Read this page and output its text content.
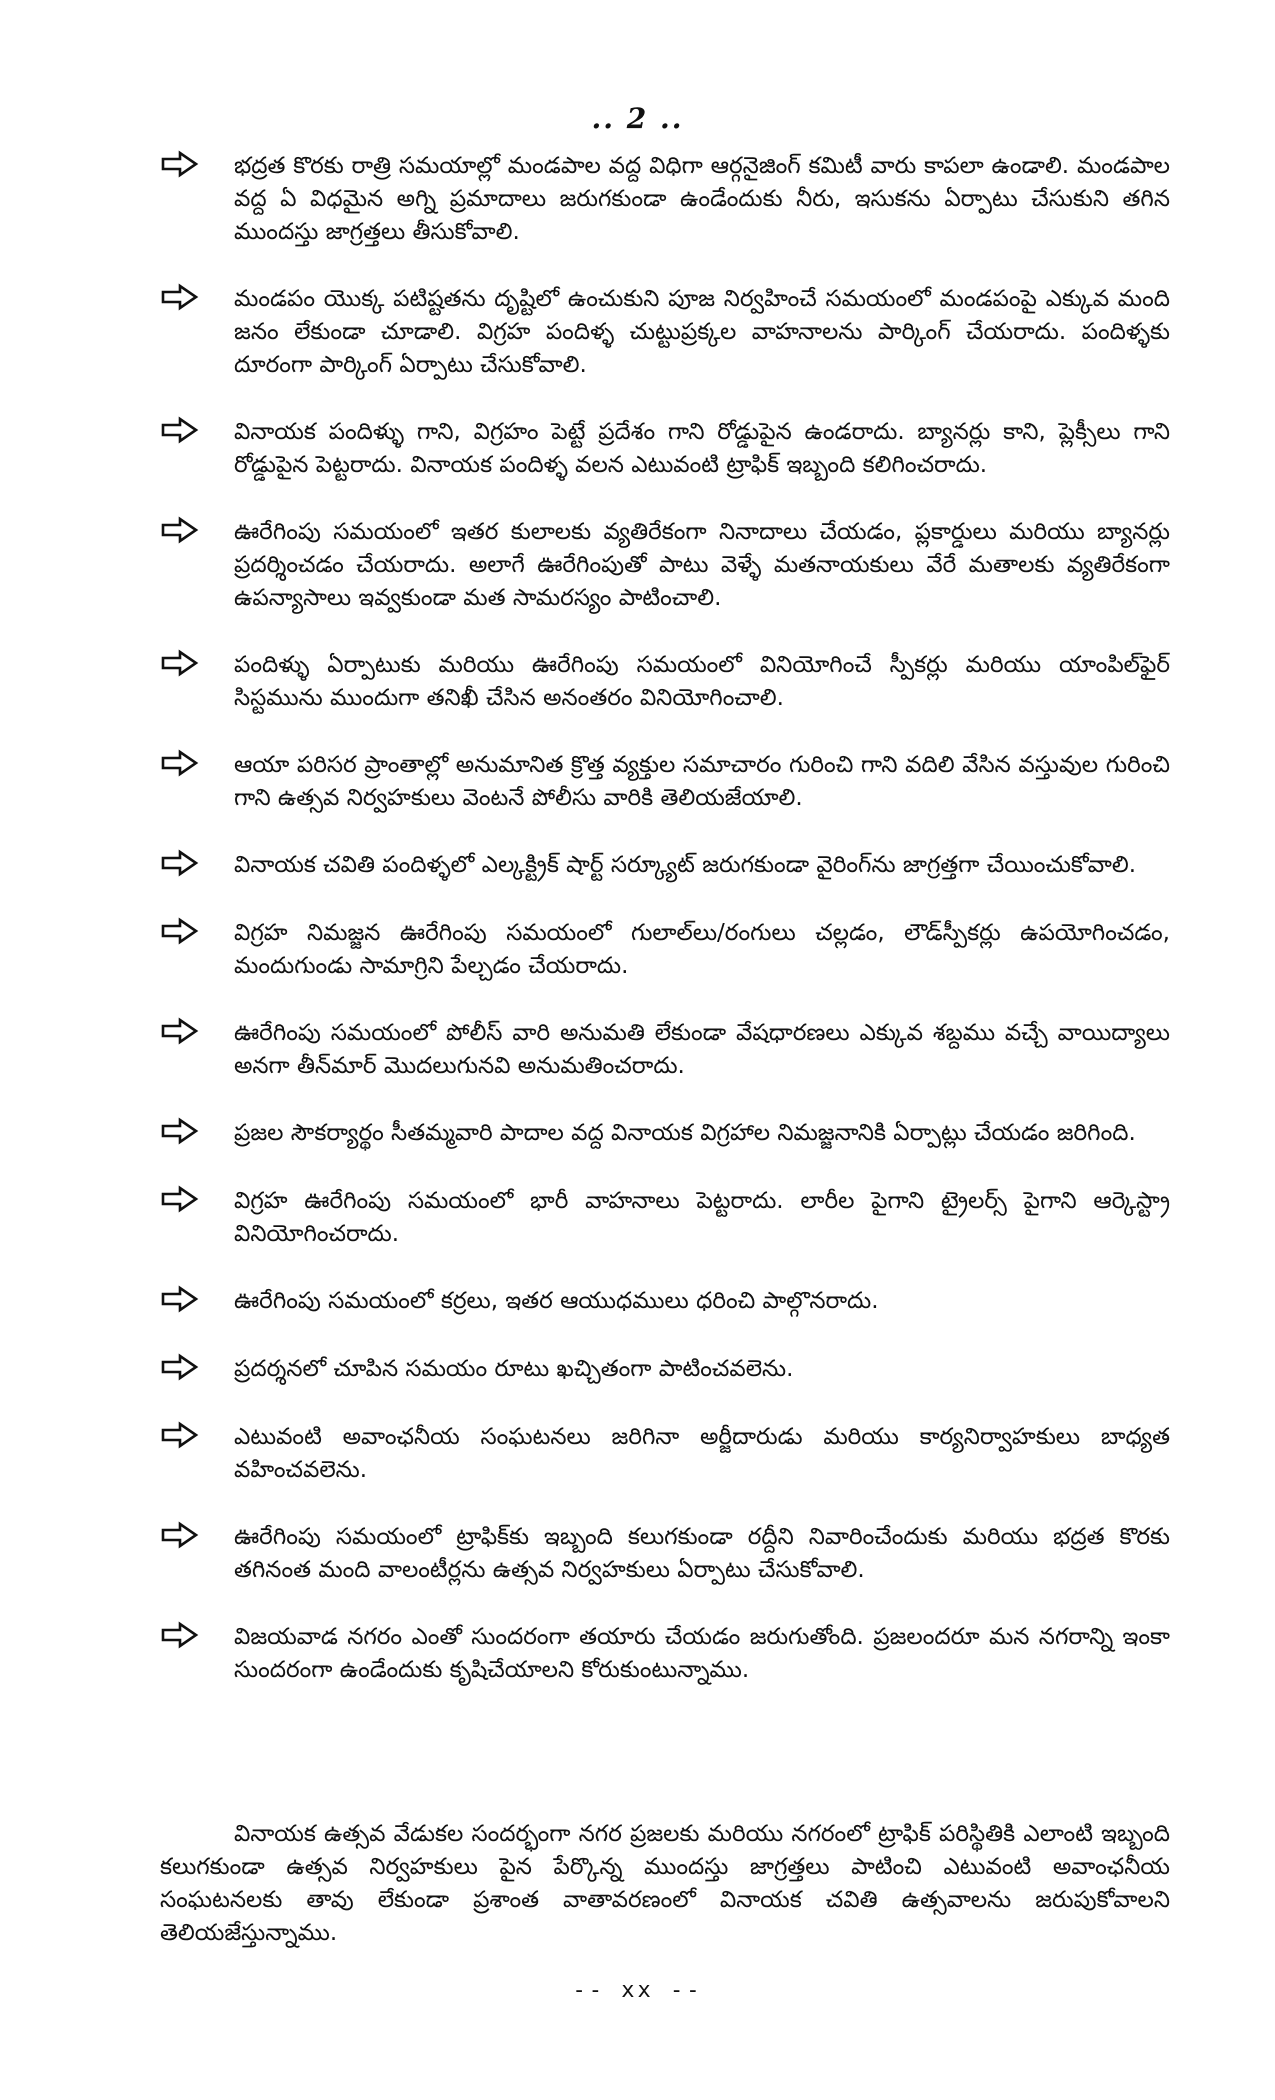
.. 2 ..
భద్రత కొరకు రాత్రి సమయాల్లో మండపాల వద్ద విధిగా ఆర్గనైజింగ్ కమిటీ వారు కాపలా ఉండాలి. మండపాల వద్ద ఏ విధమైన అగ్ని ప్రమాదాలు జరుగకుండా ఉండేందుకు నీరు, ఇసుకను ఏర్పాటు చేసుకుని తగిన ముందస్తు జాగ్రత్తలు తీసుకోవాలి.
మండపం యొక్క పటిష్టతను దృష్టిలో ఉంచుకుని పూజ నిర్వహించే సమయంలో మండపంపై ఎక్కువ మంది జనం లేకుండా చూడాలి. విగ్రహ పందిళ్ళ చుట్టుప్రక్కల వాహనాలను పార్కింగ్ చేయరాదు. పందిళ్ళకు దూరంగా పార్కింగ్ ఏర్పాటు చేసుకోవాలి.
వినాయక పందిళ్ళు గాని, విగ్రహం పెట్టే ప్రదేశం గాని రోడ్డుపైన ఉండరాదు. బ్యానర్లు కాని, ప్లెక్సీలు గాని రోడ్డుపైన పెట్టరాదు. వినాయక పందిళ్ళ వలన ఎటువంటి ట్రాఫిక్ ఇబ్బంది కలిగించరాదు.
ఊరేగింపు సమయంలో ఇతర కులాలకు వ్యతిరేకంగా నినాదాలు చేయడం, ప్లకార్డులు మరియు బ్యానర్లు ప్రదర్శించడం చేయరాదు. అలాగే ఊరేగింపుతో పాటు వెళ్ళే మతనాయకులు వేరే మతాలకు వ్యతిరేకంగా ఉపన్యాసాలు ఇవ్వకుండా మత సామరస్యం పాటించాలి.
పందిళ్ళు ఏర్పాటుకు మరియు ఊరేగింపు సమయంలో వినియోగించే స్పీకర్లు మరియు యాంపిల్‌ఫైర్ సిస్టమును ముందుగా తనిఖీ చేసిన అనంతరం వినియోగించాలి.
ఆయా పరిసర ప్రాంతాల్లో అనుమానిత క్రొత్త వ్యక్తుల సమాచారం గురించి గాని వదిలి వేసిన వస్తువుల గురించి గాని ఉత్సవ నిర్వహకులు వెంటనే పోలీసు వారికి తెలియజేయాలి.
వినాయక చవితి పందిళ్ళలో ఎల్కక్ట్రిక్ షార్ట్ సర్క్యూట్ జరుగకుండా వైరింగ్‌ను జాగ్రత్తగా చేయించుకోవాలి.
విగ్రహ నిమజ్జన ఊరేగింపు సమయంలో గులాల్‌లు/రంగులు చల్లడం, లౌడ్‌స్పీకర్లు ఉపయోగించడం, మందుగుండు సామాగ్రిని పేల్చడం చేయరాదు.
ఊరేగింపు సమయంలో పోలీస్ వారి అనుమతి లేకుండా వేషధారణలు ఎక్కువ శబ్దము వచ్చే వాయిద్యాలు అనగా తీన్‌మార్ మొదలుగునవి అనుమతించరాదు.
ప్రజల సౌకర్యార్థం సీతమ్మవారి పాదాల వద్ద వినాయక విగ్రహాల నిమజ్జనానికి ఏర్పాట్లు చేయడం జరిగింది.
విగ్రహ ఊరేగింపు సమయంలో భారీ వాహనాలు పెట్టరాదు. లారీల పైగాని ట్రైలర్స్ పైగాని ఆర్కెస్ట్రా వినియోగించరాదు.
ఊరేగింపు సమయంలో కర్రలు, ఇతర ఆయుధములు ధరించి పాల్గొనరాదు.
ప్రదర్శనలో చూపిన సమయం రూటు ఖచ్చితంగా పాటించవలెను.
ఎటువంటి అవాంఛనీయ సంఘటనలు జరిగినా అర్జీదారుడు మరియు కార్యనిర్వాహకులు బాధ్యత వహించవలెను.
ఊరేగింపు సమయంలో ట్రాఫిక్‌కు ఇబ్బంది కలుగకుండా రద్దీని నివారించేందుకు మరియు భద్రత కొరకు తగినంత మంది వాలంటీర్లను ఉత్సవ నిర్వహకులు ఏర్పాటు చేసుకోవాలి.
విజయవాడ నగరం ఎంతో సుందరంగా తయారు చేయడం జరుగుతోంది. ప్రజలందరూ మన నగరాన్ని ఇంకా సుందరంగా ఉండేందుకు కృషిచేయాలని కోరుకుంటున్నాము.

వినాయక ఉత్సవ వేడుకల సందర్భంగా నగర ప్రజలకు మరియు నగరంలో ట్రాఫిక్ పరిస్థితికి ఎలాంటి ఇబ్బంది కలుగకుండా ఉత్సవ నిర్వహకులు పైన పేర్కొన్న ముందస్తు జాగ్రత్తలు పాటించి ఎటువంటి అవాంఛనీయ సంఘటనలకు తావు లేకుండా ప్రశాంత వాతావరణంలో వినాయక చవితి ఉత్సవాలను జరుపుకోవాలని తెలియజేస్తున్నాము.

-- xx --
